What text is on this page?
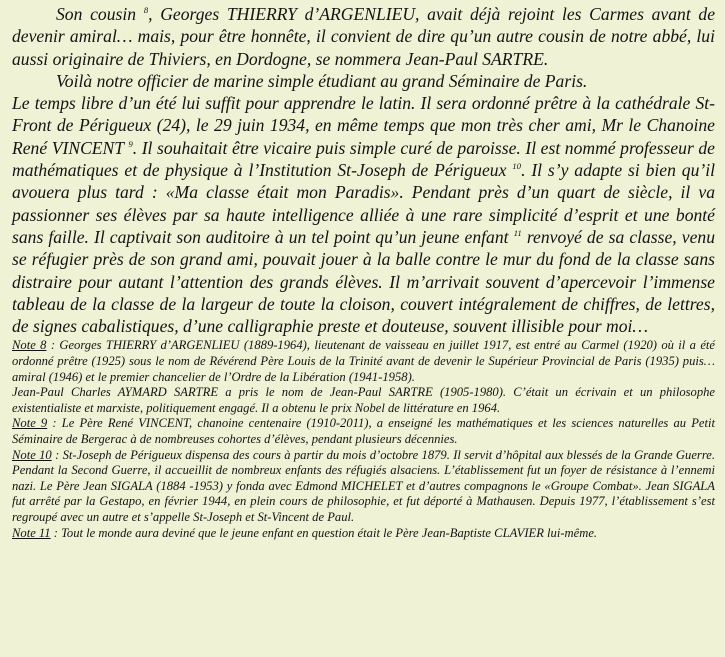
Son cousin $^8$, Georges THIERRY d’ARGENLIEU, avait déjà rejoint les Carmes avant de devenir amiral… mais, pour être honnête, il convient de dire qu’un autre cousin de notre abbé, lui aussi originaire de Thiviers, en Dordogne, se nommera Jean-Paul SARTRE.

Voilà notre officier de marine simple étudiant au grand Séminaire de Paris.

Le temps libre d’un été lui suffit pour apprendre le latin. Il sera ordonné prêtre à la cathédrale St-Front de Périgueux (24), le 29 juin 1934, en même temps que mon très cher ami, Mr le Chanoine René VINCENT $^9$. Il souhaitait être vicaire puis simple curé de paroisse. Il est nommé professeur de mathématiques et de physique à l’Institution St-Joseph de Périgueux $^{10}$. Il s’y adapte si bien qu’il avouera plus tard : «Ma classe était mon Paradis». Pendant près d’un quart de siècle, il va passionner ses élèves par sa haute intelligence alliée à une rare simplicité d’esprit et une bonté sans faille. Il captivait son auditoire à un tel point qu’un jeune enfant $^{11}$ renvoyé de sa classe, venu se réfugier près de son grand ami, pouvait jouer à la balle contre le mur du fond de la classe sans distraire pour autant l’attention des grands élèves. Il m’arrivait souvent d’apercevoir l’immense tableau de la classe de la largeur de toute la cloison, couvert intégralement de chiffres, de lettres, de signes cabalistiques, d’une calligraphie preste et douteuse, souvent illisible pour moi…

Note 8 : Georges THIERRY d’ARGENLIEU (1889-1964), lieutenant de vaisseau en juillet 1917, est entré au Carmel (1920) où il a été ordonné prêtre (1925) sous le nom de Révérend Père Louis de la Trinité avant de devenir le Supérieur Provincial de Paris (1935) puis… amiral (1946) et le premier chancelier de l’Ordre de la Libération (1941-1958).

Jean-Paul Charles AYMARD SARTRE a pris le nom de Jean-Paul SARTRE (1905-1980). C’était un écrivain et un philosophe existentialiste et marxiste, politiquement engagé. Il a obtenu le prix Nobel de littérature en 1964.

Note 9 : Le Père René VINCENT, chanoine centenaire (1910-2011), a enseigné les mathématiques et les sciences naturelles au Petit Séminaire de Bergerac à de nombreuses cohortes d’élèves, pendant plusieurs décennies.

Note 10 : St-Joseph de Périgueux dispensa des cours à partir du mois d’octobre 1879. Il servit d’hôpital aux blessés de la Grande Guerre. Pendant la Second Guerre, il accueillit de nombreux enfants des réfugiés alsaciens. L’établissement fut un foyer de résistance à l’ennemi nazi. Le Père Jean SIGALA (1884 -1953) y fonda avec Edmond MICHELET et d’autres compagnons le «Groupe Combat». Jean SIGALA fut arrêté par la Gestapo, en février 1944, en plein cours de philosophie, et fut déporté à Mathausen. Depuis 1977, l’établissement s’est regroupé avec un autre et s’appelle St-Joseph et St-Vincent de Paul.

Note 11 : Tout le monde aura deviné que le jeune enfant en question était le Père Jean-Baptiste CLAVIER lui-même.
